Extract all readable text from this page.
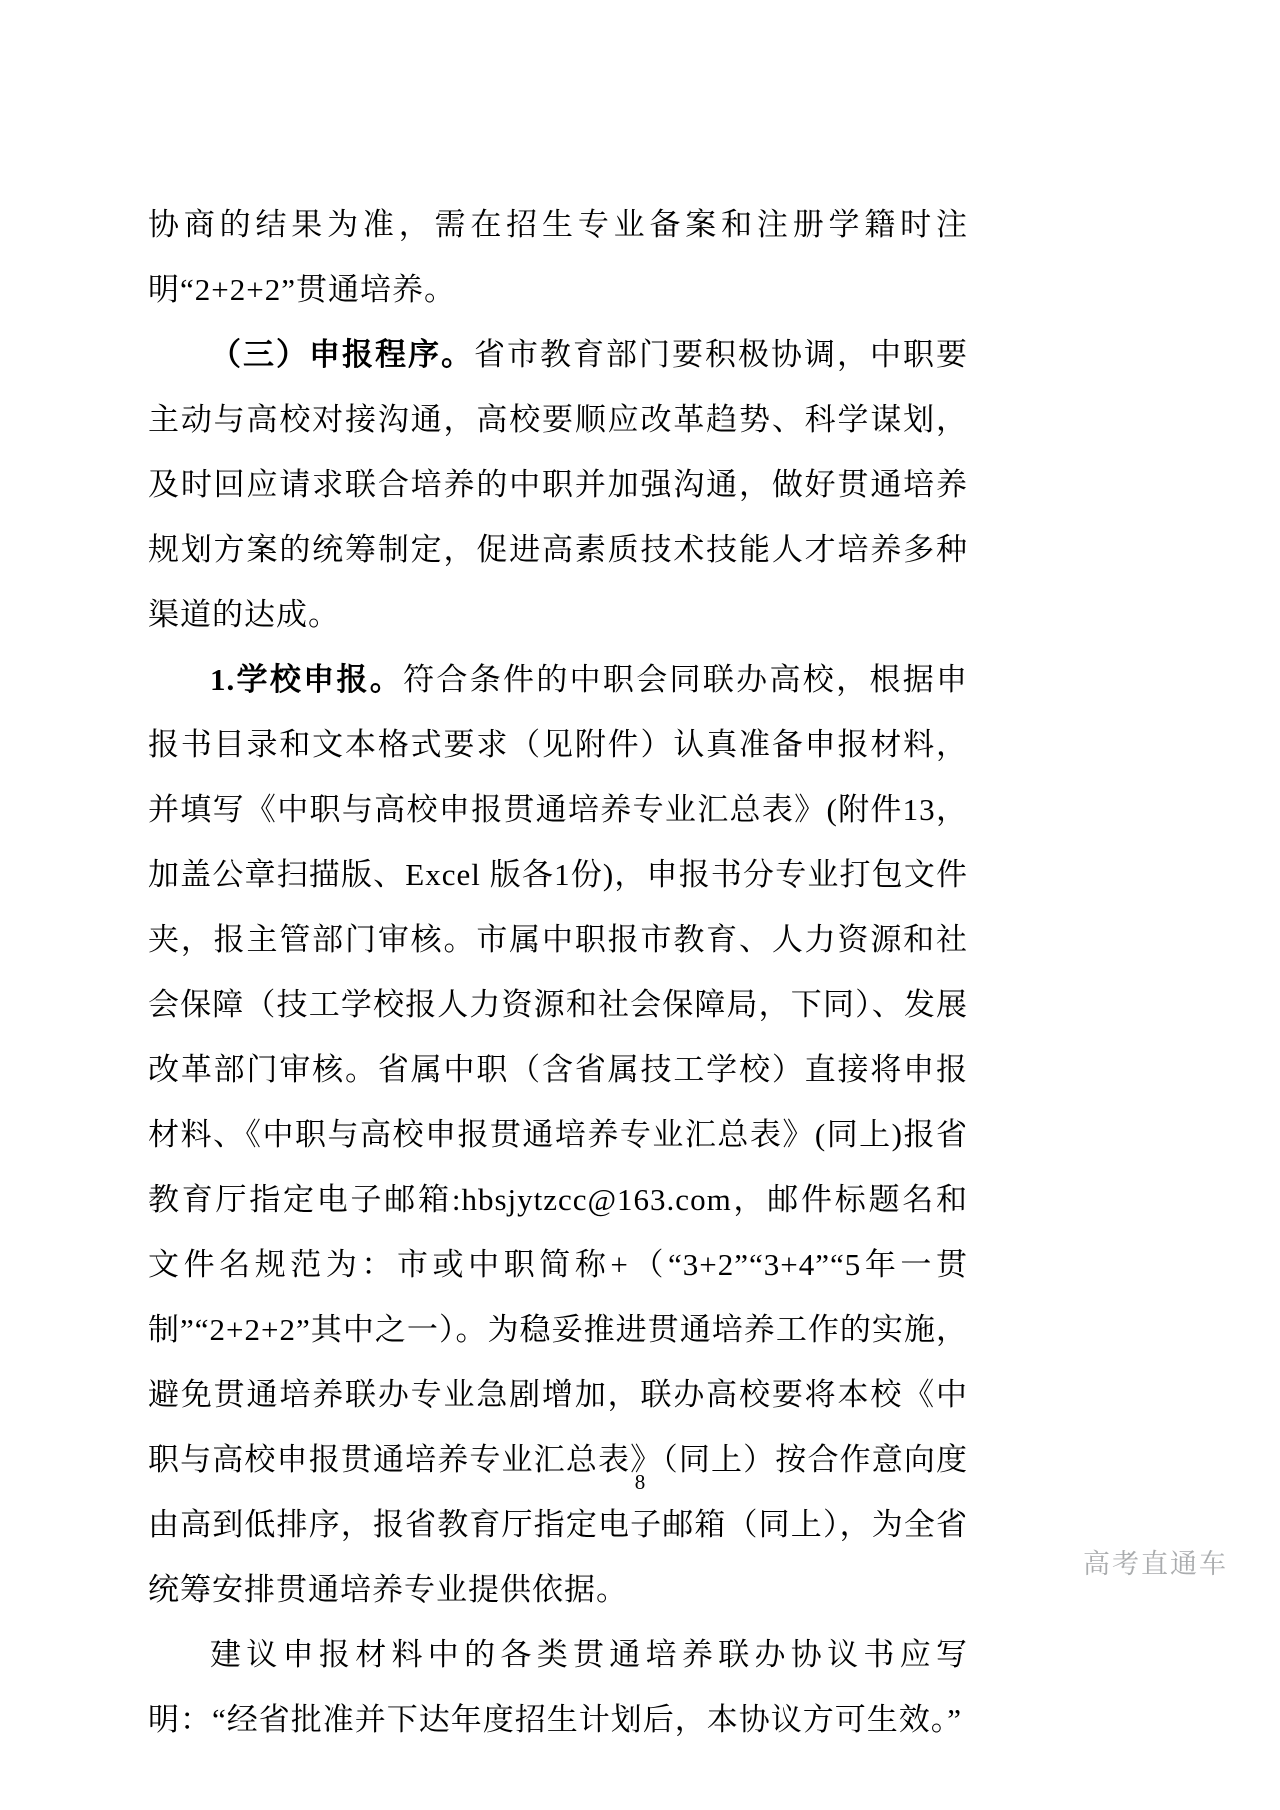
协商的结果为准，需在招生专业备案和注册学籍时注明“2+2+2”贯通培养。

（三）申报程序。省市教育部门要积极协调，中职要主动与高校对接沟通，高校要顺应改革趋势、科学谋划，及时回应请求联合培养的中职并加强沟通，做好贯通培养规划方案的统筹制定，促进高素质技术技能人才培养多种渠道的达成。

1.学校申报。符合条件的中职会同联办高校，根据申报书目录和文本格式要求（见附件）认真准备申报材料，并填写《中职与高校申报贯通培养专业汇总表》(附件13，加盖公章扫描版、Excel 版各1份)，申报书分专业打包文件夹，报主管部门审核。市属中职报市教育、人力资源和社会保障（技工学校报人力资源和社会保障局，下同）、发展改革部门审核。省属中职（含省属技工学校）直接将申报材料、《中职与高校申报贯通培养专业汇总表》(同上)报省教育厅指定电子邮箱:hbsjytzcc@163.com，邮件标题名和文件名规范为：市或中职简称+（“3+2”“3+4”“5年一贯制”“2+2+2”其中之一）。为稳妥推进贯通培养工作的实施，避免贯通培养联办专业急剧增加，联办高校要将本校《中职与高校申报贯通培养专业汇总表》（同上）按合作意向度由高到低排序，报省教育厅指定电子邮箱（同上），为全省统筹安排贯通培养专业提供依据。

建议申报材料中的各类贯通培养联办协议书应写明：“经省批准并下达年度招生计划后，本协议方可生效。”

8
高考直通车
